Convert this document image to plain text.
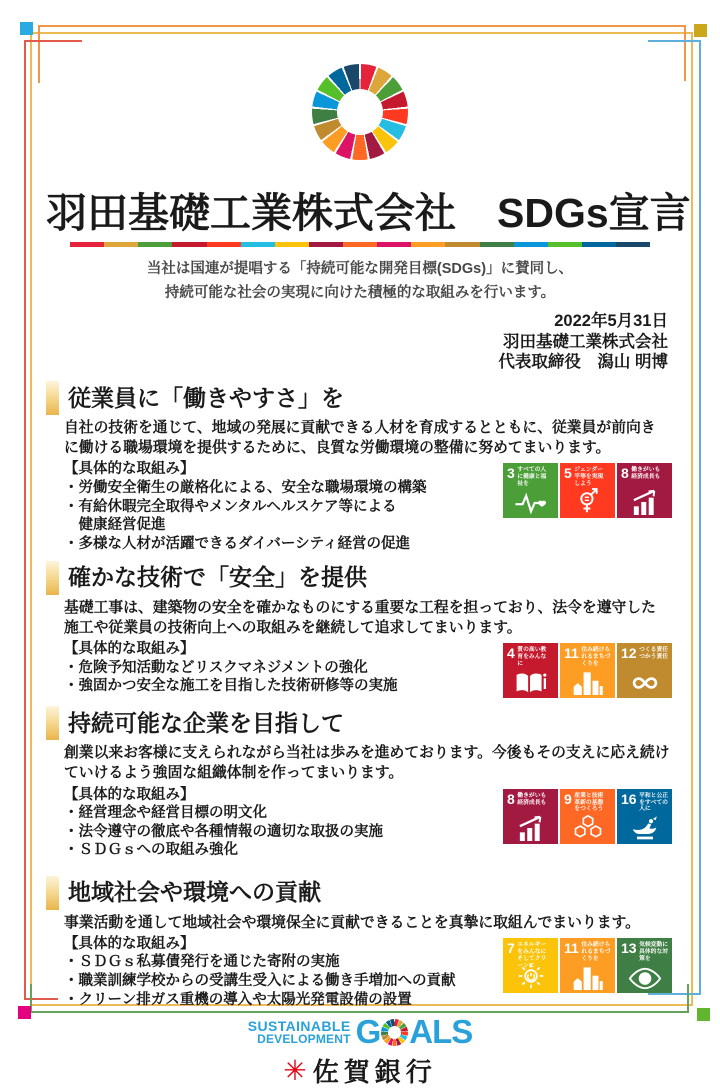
羽田基礎工業株式会社　SDGs宣言
当社は国連が提唱する「持続可能な開発目標(SDGs)」に賛同し、
持続可能な社会の実現に向けた積極的な取組みを行います。
2022年5月31日
羽田基礎工業株式会社
代表取締役　潟山 明博
従業員に「働きやすさ」を
自社の技術を通じて、地域の発展に貢献できる人材を育成するとともに、従業員が前向きに働ける職場環境を提供するために、良質な労働環境の整備に努めてまいります。
【具体的な取組み】
・労働安全衛生の厳格化による、安全な職場環境の構築
・有給休暇完全取得やメンタルヘルスケア等による
　健康経営促進
・多様な人材が活躍できるダイバーシティ経営の促進
3 すべての人に健康と福祉を
5 ジェンダー平等を実現しよう
8 働きがいも経済成長も
確かな技術で「安全」を提供
基礎工事は、建築物の安全を確かなものにする重要な工程を担っており、法令を遵守した施工や従業員の技術向上への取組みを継続して追求してまいります。
【具体的な取組み】
・危険予知活動などリスクマネジメントの強化
・強固かつ安全な施工を目指した技術研修等の実施
4 質の高い教育をみんなに
11 住み続けられるまちづくりを
12 つくる責任つかう責任
持続可能な企業を目指して
創業以来お客様に支えられながら当社は歩みを進めております。今後もその支えに応え続けていけるよう強固な組織体制を作ってまいります。
【具体的な取組み】
・経営理念や経営目標の明文化
・法令遵守の徹底や各種情報の適切な取扱の実施
・ＳＤＧｓへの取組み強化
8 働きがいも経済成長も	9 産業と技術革新の基盤をつくろう
16 平和と公正をすべての人に
地域社会や環境への貢献
事業活動を通して地域社会や環境保全に貢献できることを真摯に取組んでまいります。
【具体的な取組み】
・ＳＤＧｓ私募債発行を通じた寄附の実施
・職業訓練学校からの受講生受入による働き手増加への貢献
・クリーン排ガス重機の導入や太陽光発電設備の設置
7 エネルギーをみんなにそしてクリーンに
11 住み続けられるまちづくりを
13 気候変動に具体的な対策を
SUSTAINABLE
DEVELOPMENT G ALS
✳ 佐賀銀行
